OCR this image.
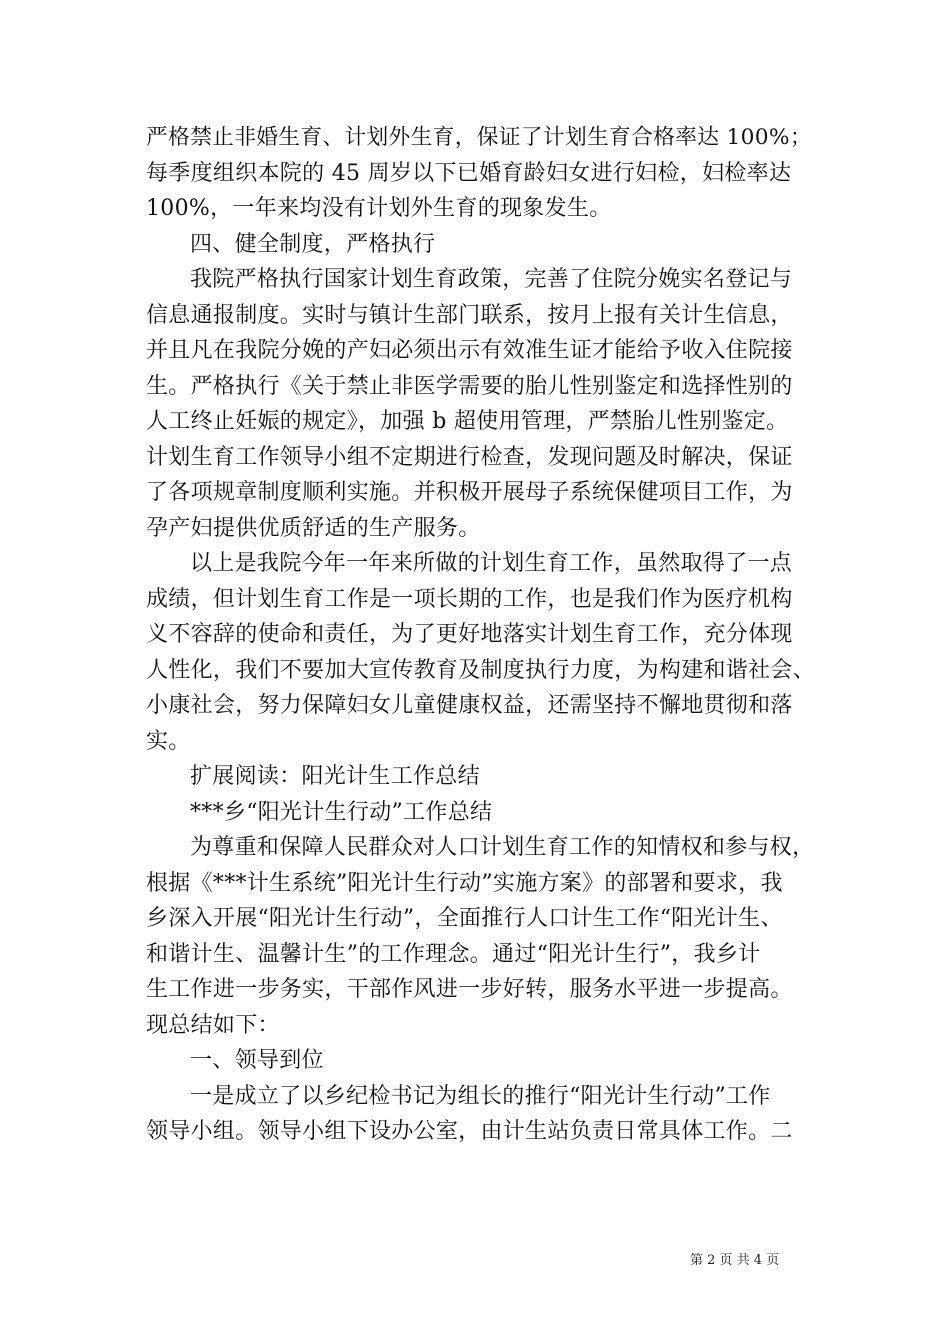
严格禁止非婚生育、计划外生育，保证了计划生育合格率达 100%；
每季度组织本院的 45 周岁以下已婚育龄妇女进行妇检，妇检率达
100%，一年来均没有计划外生育的现象发生。
四、健全制度，严格执行
我院严格执行国家计划生育政策，完善了住院分娩实名登记与
信息通报制度。实时与镇计生部门联系，按月上报有关计生信息，
并且凡在我院分娩的产妇必须出示有效准生证才能给予收入住院接
生。严格执行《关于禁止非医学需要的胎儿性别鉴定和选择性别的
人工终止妊娠的规定》，加强 b 超使用管理，严禁胎儿性别鉴定。
计划生育工作领导小组不定期进行检查，发现问题及时解决，保证
了各项规章制度顺利实施。并积极开展母子系统保健项目工作，为
孕产妇提供优质舒适的生产服务。
以上是我院今年一年来所做的计划生育工作，虽然取得了一点
成绩，但计划生育工作是一项长期的工作，也是我们作为医疗机构
义不容辞的使命和责任，为了更好地落实计划生育工作，充分体现
人性化，我们不要加大宣传教育及制度执行力度，为构建和谐社会、
小康社会，努力保障妇女儿童健康权益，还需坚持不懈地贯彻和落
实。
扩展阅读：阳光计生工作总结
***乡“阳光计生行动”工作总结
为尊重和保障人民群众对人口计划生育工作的知情权和参与权，
根据《***计生系统”阳光计生行动”实施方案》的部署和要求，我
乡深入开展“阳光计生行动”，全面推行人口计生工作“阳光计生、
和谐计生、温馨计生”的工作理念。通过“阳光计生行”，我乡计
生工作进一步务实，干部作风进一步好转，服务水平进一步提高。
现总结如下：
一、领导到位
一是成立了以乡纪检书记为组长的推行“阳光计生行动”工作
领导小组。领导小组下设办公室，由计生站负责日常具体工作。二
第 2 页 共 4 页
